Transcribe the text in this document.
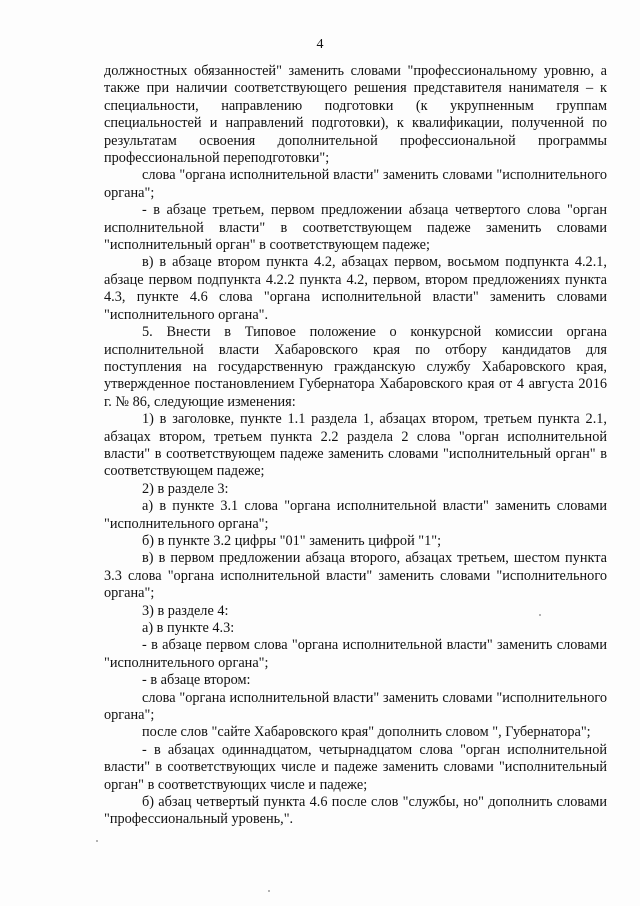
4

должностных обязанностей" заменить словами "профессиональному уровню, а также при наличии соответствующего решения представителя нанимателя – к специальности, направлению подготовки (к укрупненным группам специальностей и направлений подготовки), к квалификации, полученной по результатам освоения дополнительной профессиональной программы профессиональной переподготовки";

слова "органа исполнительной власти" заменить словами "исполнительного органа";

- в абзаце третьем, первом предложении абзаца четвертого слова "орган исполнительной власти" в соответствующем падеже заменить словами "исполнительный орган" в соответствующем падеже;

в) в абзаце втором пункта 4.2, абзацах первом, восьмом подпункта 4.2.1, абзаце первом подпункта 4.2.2 пункта 4.2, первом, втором предложениях пункта 4.3, пункте 4.6 слова "органа исполнительной власти" заменить словами "исполнительного органа".

5. Внести в Типовое положение о конкурсной комиссии органа исполнительной власти Хабаровского края по отбору кандидатов для поступления на государственную гражданскую службу Хабаровского края, утвержденное постановлением Губернатора Хабаровского края от 4 августа 2016 г. № 86, следующие изменения:

1) в заголовке, пункте 1.1 раздела 1, абзацах втором, третьем пункта 2.1, абзацах втором, третьем пункта 2.2 раздела 2 слова "орган исполнительной власти" в соответствующем падеже заменить словами "исполнительный орган" в соответствующем падеже;

2) в разделе 3:

а) в пункте 3.1 слова "органа исполнительной власти" заменить словами "исполнительного органа";

б) в пункте 3.2 цифры "01" заменить цифрой "1";

в) в первом предложении абзаца второго, абзацах третьем, шестом пункта 3.3 слова "органа исполнительной власти" заменить словами "исполнительного органа";

3) в разделе 4:

а) в пункте 4.3:

- в абзаце первом слова "органа исполнительной власти" заменить словами "исполнительного органа";

- в абзаце втором:

слова "органа исполнительной власти" заменить словами "исполнительного органа";

после слов "сайте Хабаровского края" дополнить словом ", Губернатора";

- в абзацах одиннадцатом, четырнадцатом слова "орган исполнительной власти" в соответствующих числе и падеже заменить словами "исполнительный орган" в соответствующих числе и падеже;

б) абзац четвертый пункта 4.6 после слов "службы, но" дополнить словами "профессиональный уровень,".
